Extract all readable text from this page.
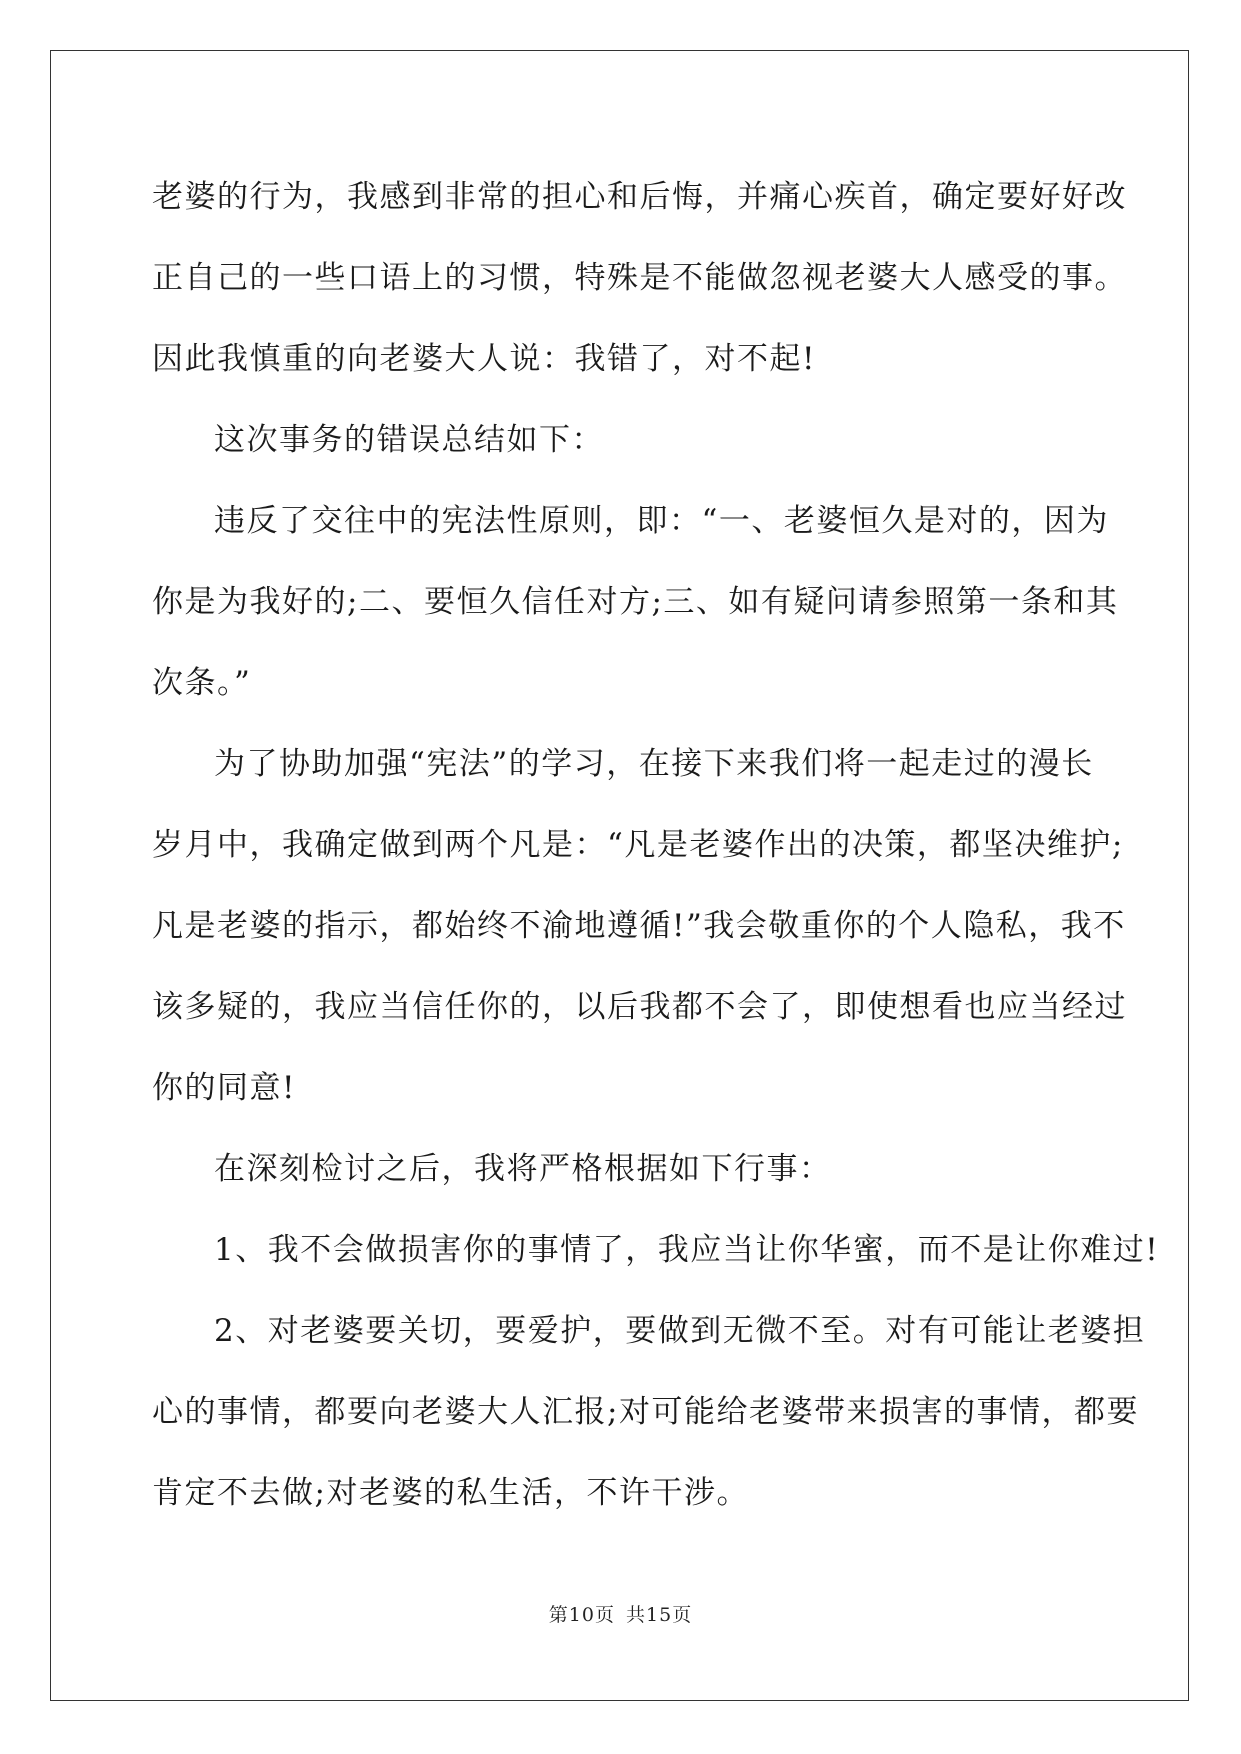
老婆的行为，我感到非常的担心和后悔，并痛心疾首，确定要好好改

正自己的一些口语上的习惯，特殊是不能做忽视老婆大人感受的事。

因此我慎重的向老婆大人说：我错了，对不起!

这次事务的错误总结如下：

违反了交往中的宪法性原则，即：“一、老婆恒久是对的，因为

你是为我好的;二、要恒久信任对方;三、如有疑问请参照第一条和其

次条。”

为了协助加强“宪法”的学习，在接下来我们将一起走过的漫长

岁月中，我确定做到两个凡是：“凡是老婆作出的决策，都坚决维护;

凡是老婆的指示，都始终不渝地遵循!”我会敬重你的个人隐私，我不

该多疑的，我应当信任你的，以后我都不会了，即使想看也应当经过

你的同意!

在深刻检讨之后，我将严格根据如下行事：

1、我不会做损害你的事情了，我应当让你华蜜，而不是让你难过!

2、对老婆要关切，要爱护，要做到无微不至。对有可能让老婆担

心的事情，都要向老婆大人汇报;对可能给老婆带来损害的事情，都要

肯定不去做;对老婆的私生活，不许干涉。

第10页 共15页
